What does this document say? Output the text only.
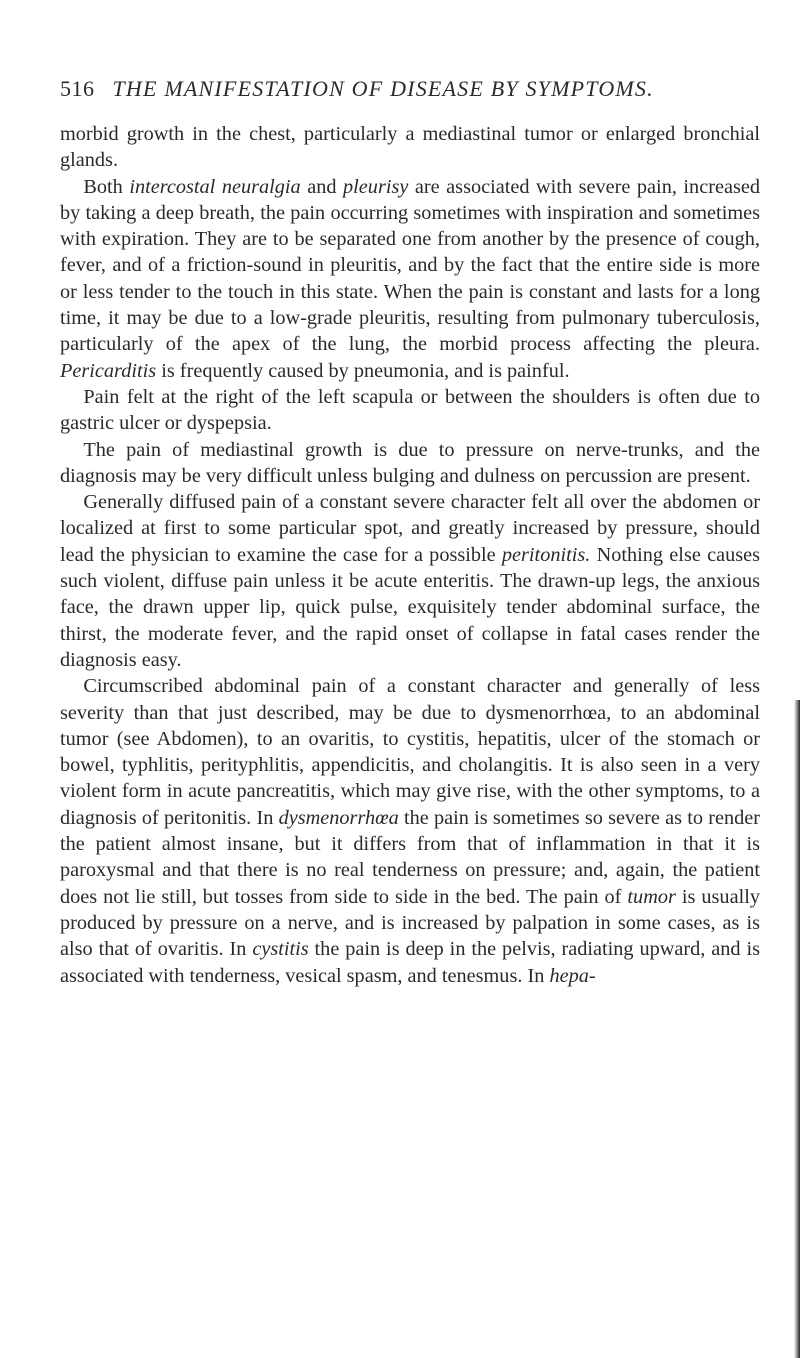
516 THE MANIFESTATION OF DISEASE BY SYMPTOMS.

morbid growth in the chest, particularly a mediastinal tumor or enlarged bronchial glands.

Both intercostal neuralgia and pleurisy are associated with severe pain, increased by taking a deep breath, the pain occurring sometimes with inspiration and sometimes with expiration. They are to be separated one from another by the presence of cough, fever, and of a friction-sound in pleuritis, and by the fact that the entire side is more or less tender to the touch in this state. When the pain is constant and lasts for a long time, it may be due to a low-grade pleuritis, resulting from pulmonary tuberculosis, particularly of the apex of the lung, the morbid process affecting the pleura. Pericarditis is frequently caused by pneumonia, and is painful.

Pain felt at the right of the left scapula or between the shoulders is often due to gastric ulcer or dyspepsia.

The pain of mediastinal growth is due to pressure on nerve-trunks, and the diagnosis may be very difficult unless bulging and dulness on percussion are present.

Generally diffused pain of a constant severe character felt all over the abdomen or localized at first to some particular spot, and greatly increased by pressure, should lead the physician to examine the case for a possible peritonitis. Nothing else causes such violent, diffuse pain unless it be acute enteritis. The drawn-up legs, the anxious face, the drawn upper lip, quick pulse, exquisitely tender abdominal surface, the thirst, the moderate fever, and the rapid onset of collapse in fatal cases render the diagnosis easy.

Circumscribed abdominal pain of a constant character and generally of less severity than that just described, may be due to dysmenorrhœa, to an abdominal tumor (see Abdomen), to an ovaritis, to cystitis, hepatitis, ulcer of the stomach or bowel, typhlitis, perityphlitis, appendicitis, and cholangitis. It is also seen in a very violent form in acute pancreatitis, which may give rise, with the other symptoms, to a diagnosis of peritonitis. In dysmenorrhœa the pain is sometimes so severe as to render the patient almost insane, but it differs from that of inflammation in that it is paroxysmal and that there is no real tenderness on pressure; and, again, the patient does not lie still, but tosses from side to side in the bed. The pain of tumor is usually produced by pressure on a nerve, and is increased by palpation in some cases, as is also that of ovaritis. In cystitis the pain is deep in the pelvis, radiating upward, and is associated with tenderness, vesical spasm, and tenesmus. In hepa-
